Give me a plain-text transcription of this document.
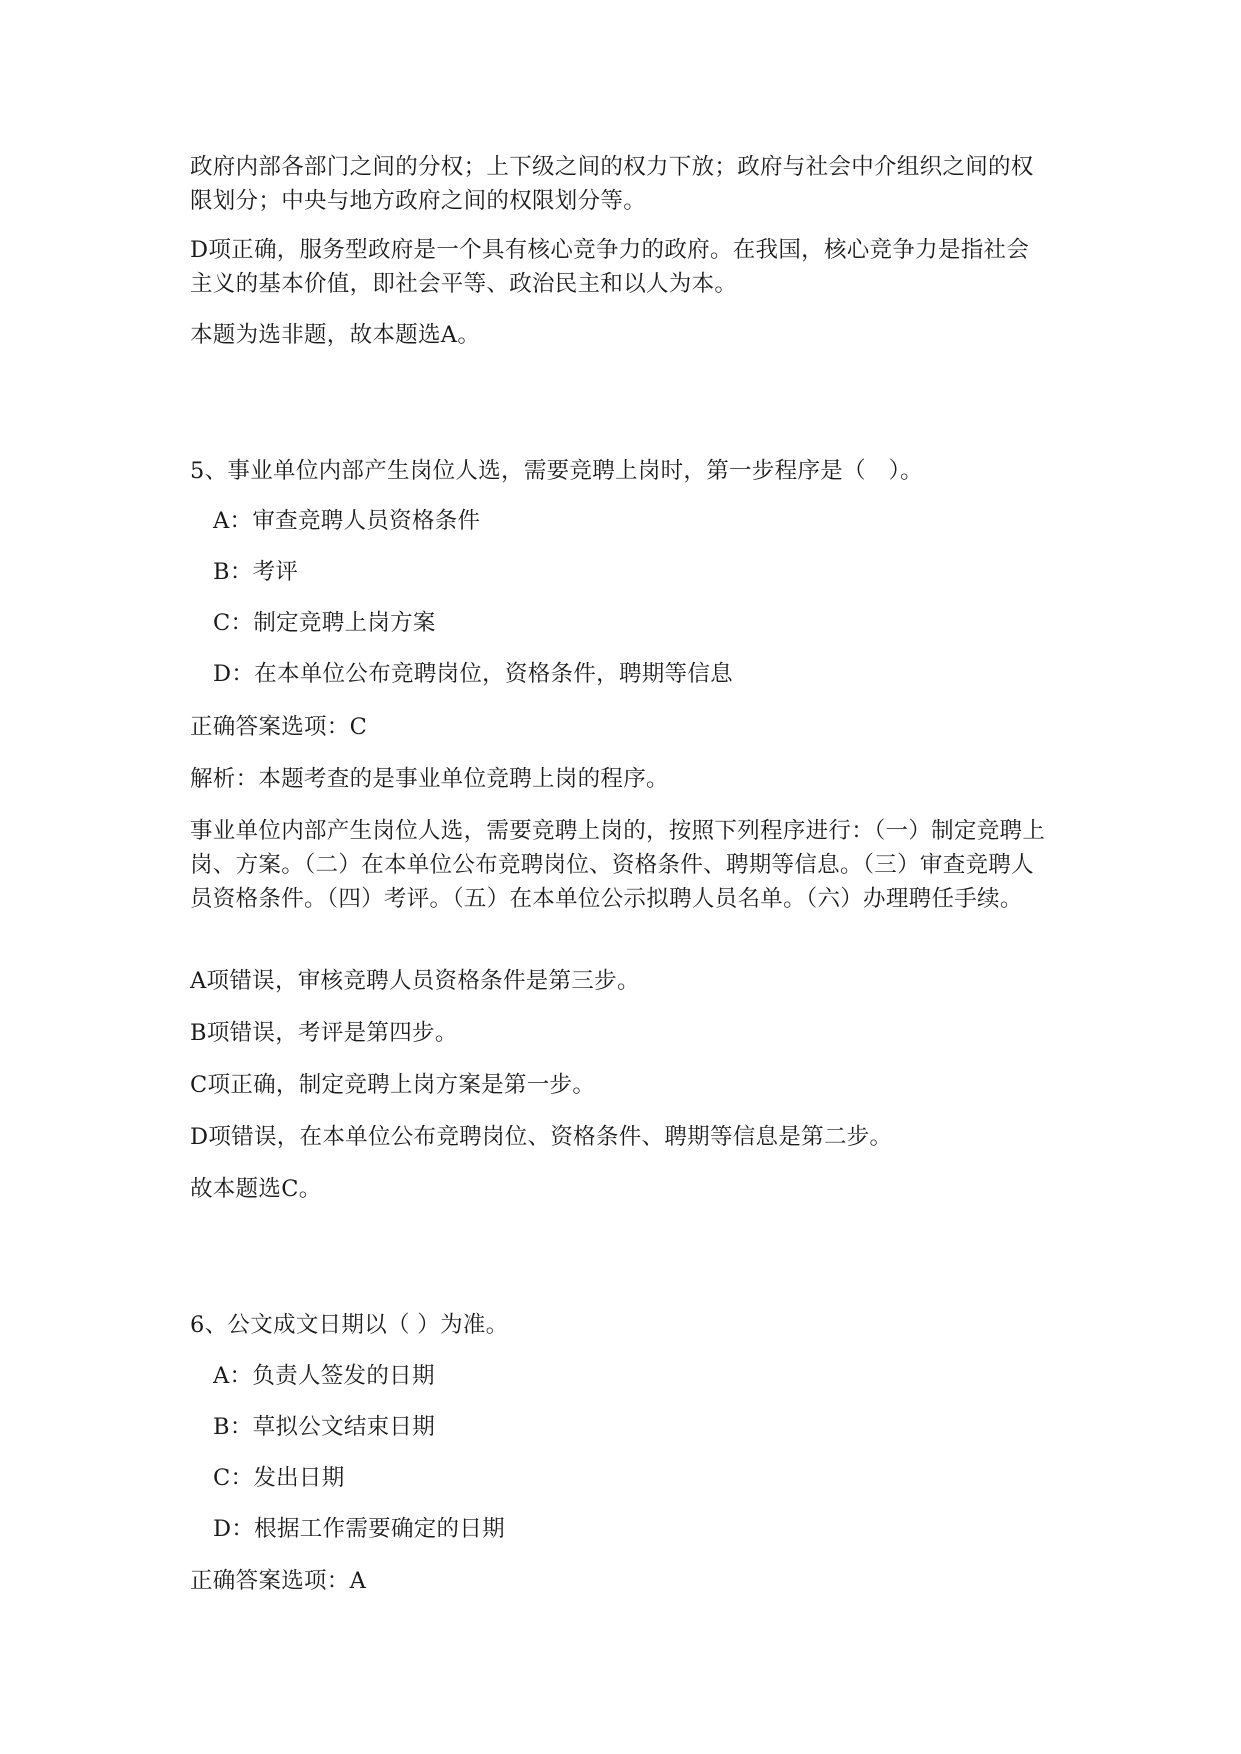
政府内部各部门之间的分权；上下级之间的权力下放；政府与社会中介组织之间的权限划分；中央与地方政府之间的权限划分等。

D项正确，服务型政府是一个具有核心竞争力的政府。在我国，核心竞争力是指社会主义的基本价值，即社会平等、政治民主和以人为本。

本题为选非题，故本题选A。

5、事业单位内部产生岗位人选，需要竞聘上岗时，第一步程序是（　）。

A：审查竞聘人员资格条件

B：考评

C：制定竞聘上岗方案

D：在本单位公布竞聘岗位，资格条件，聘期等信息

正确答案选项：C

解析：本题考查的是事业单位竞聘上岗的程序。

事业单位内部产生岗位人选，需要竞聘上岗的，按照下列程序进行：（一）制定竞聘上岗、方案。（二）在本单位公布竞聘岗位、资格条件、聘期等信息。（三）审查竞聘人员资格条件。（四）考评。（五）在本单位公示拟聘人员名单。（六）办理聘任手续。

A项错误，审核竞聘人员资格条件是第三步。

B项错误，考评是第四步。

C项正确，制定竞聘上岗方案是第一步。

D项错误，在本单位公布竞聘岗位、资格条件、聘期等信息是第二步。

故本题选C。

6、公文成文日期以（ ）为准。

A：负责人签发的日期

B：草拟公文结束日期

C：发出日期

D：根据工作需要确定的日期

正确答案选项：A
